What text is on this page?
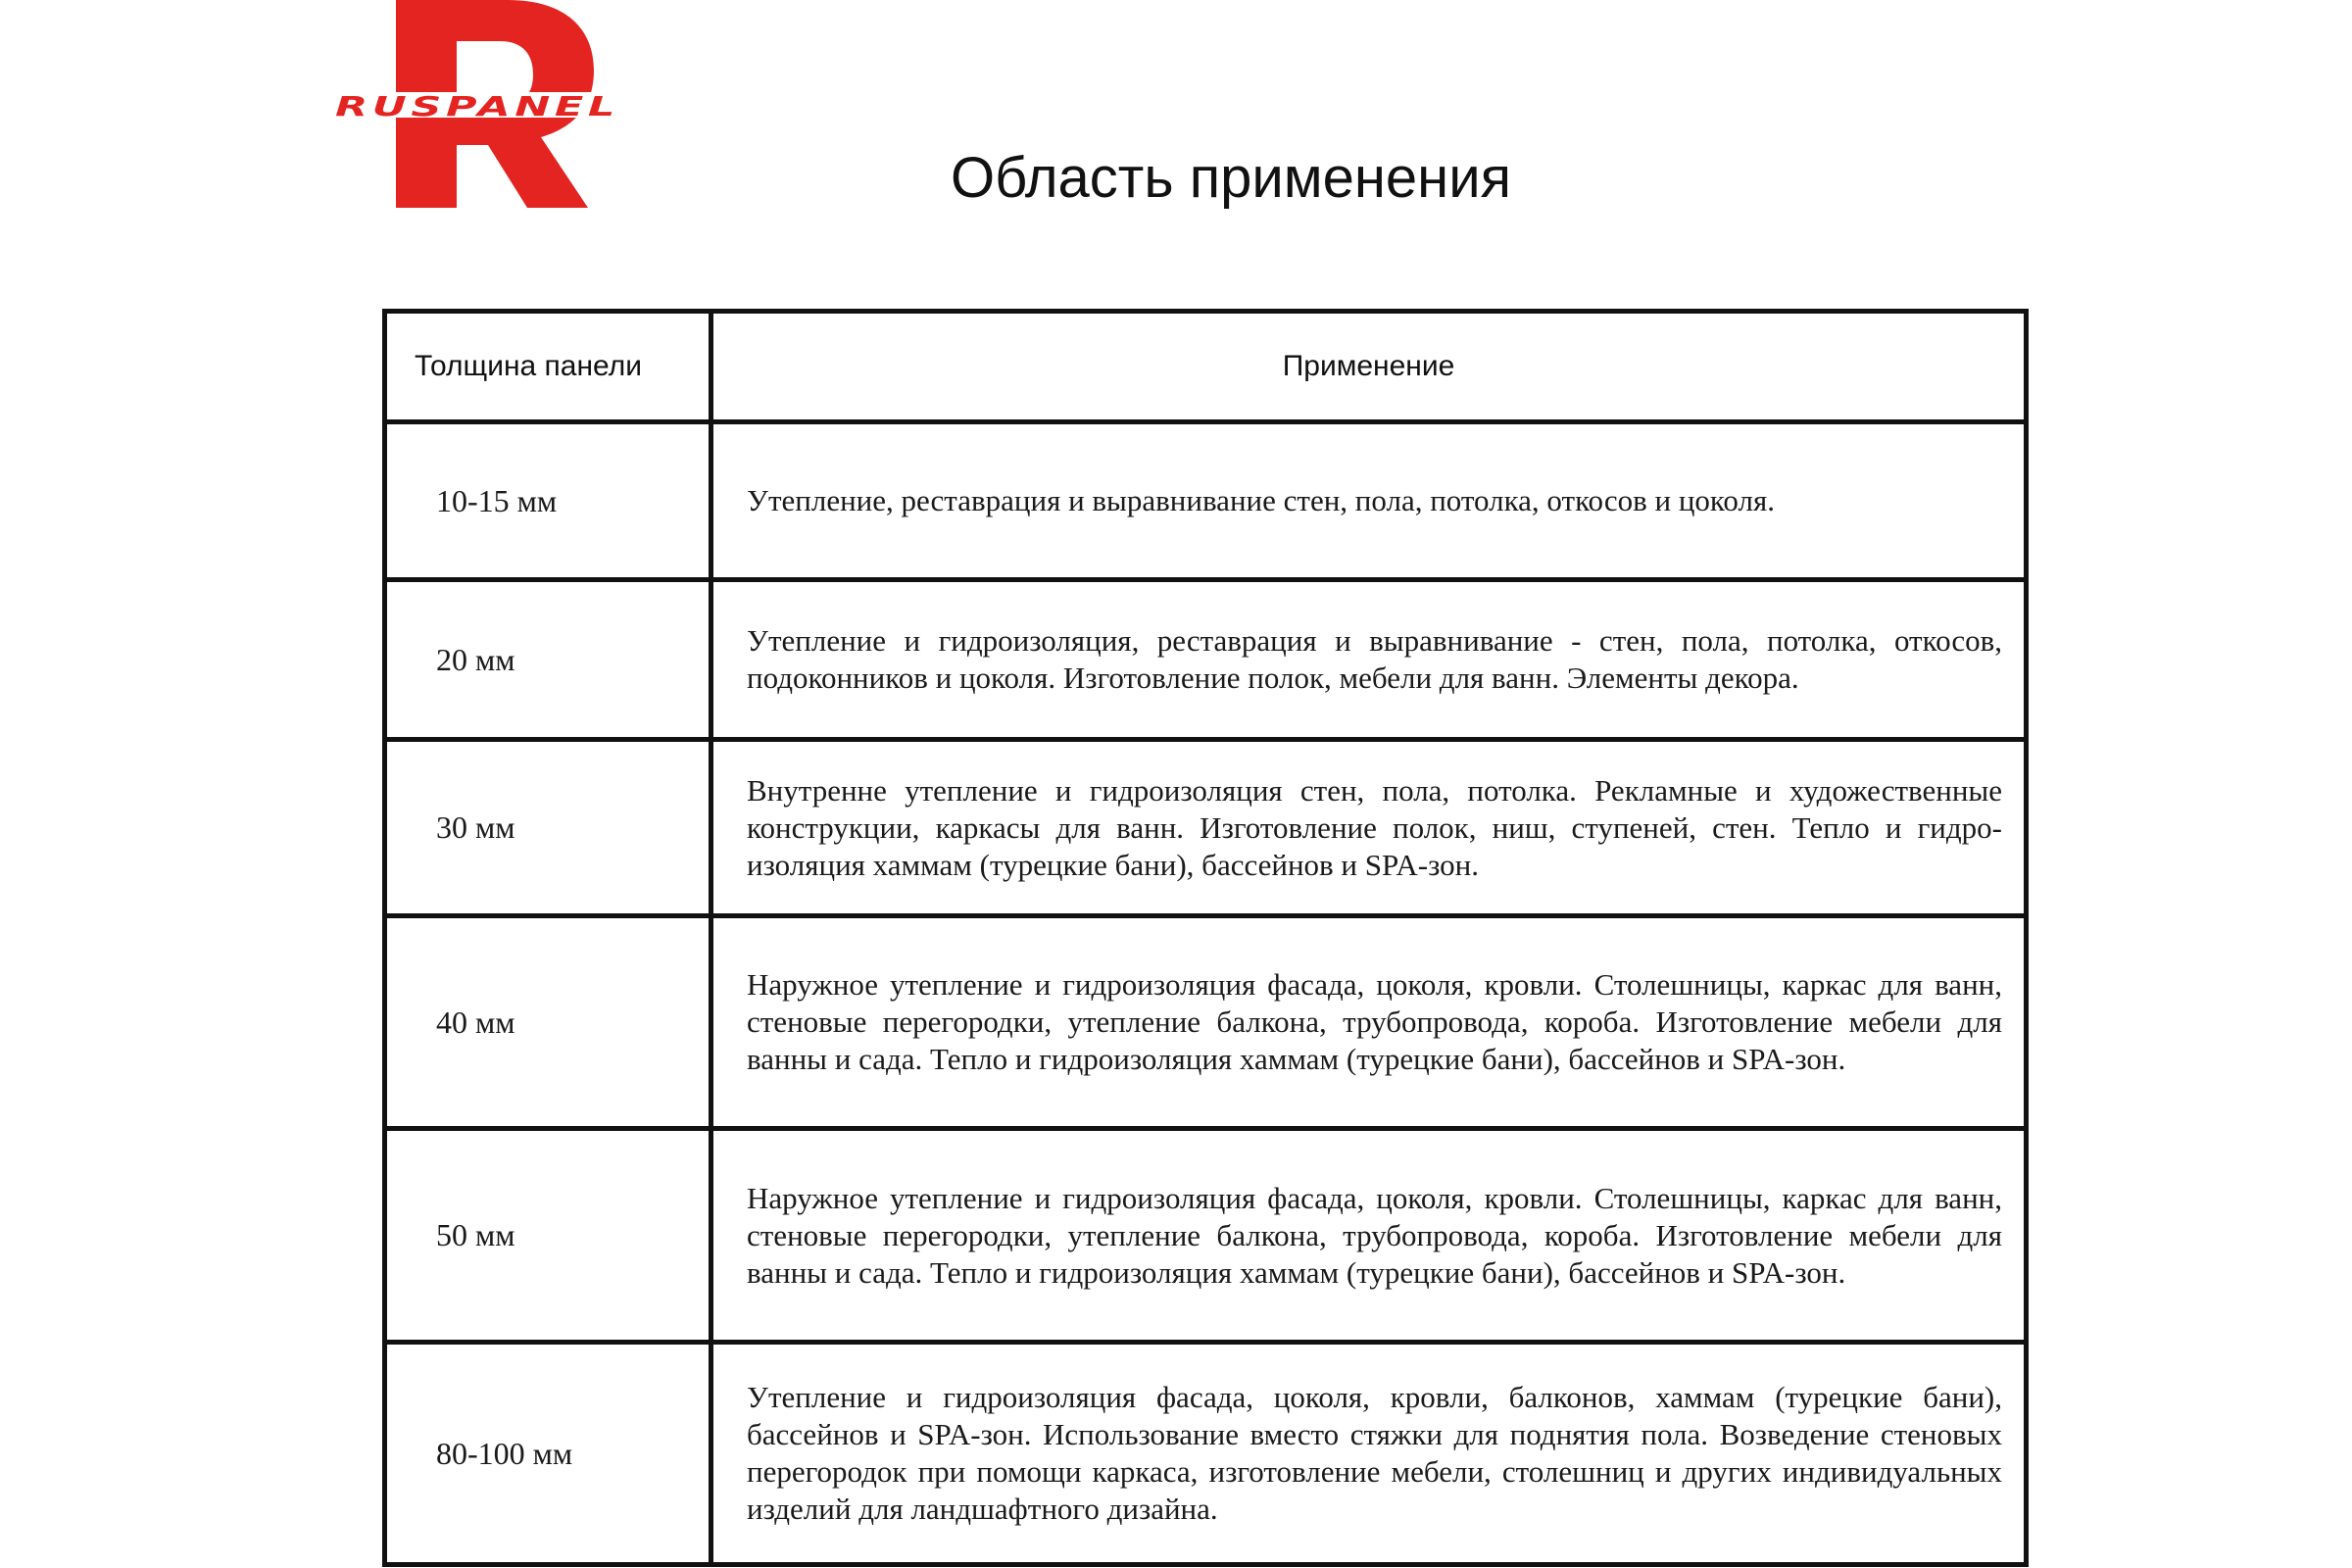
RUSPANEL
Область применения
Толщина панели	Применение
10-15 мм	Утепление, реставрация и выравнивание стен, пола, потолка, откосов и цоколя.
20 мм	Утепление и гидроизоляция, реставрация и выравнивание - стен, пола, потолка, откосов, подоконников и цоколя. Изготовление полок, мебели для ванн. Элементы декора.
30 мм	Внутренне утепление и гидроизоляция стен, пола, потолка. Рекламные и художественные конструкции, каркасы для ванн. Изготовление полок, ниш, ступеней, стен. Тепло и гидро-изоляция хаммам (турецкие бани), бассейнов и SPA-зон.
40 мм	Наружное утепление и гидроизоляция фасада, цоколя, кровли. Столешницы, каркас для ванн, стеновые перегородки, утепление балкона, трубопровода, короба. Изготовление мебели для ванны и сада. Тепло и гидроизоляция хаммам (турецкие бани), бассейнов и SPA-зон.
50 мм	Наружное утепление и гидроизоляция фасада, цоколя, кровли. Столешницы, каркас для ванн, стеновые перегородки, утепление балкона, трубопровода, короба. Изготовление мебели для ванны и сада. Тепло и гидроизоляция хаммам (турецкие бани), бассейнов и SPA-зон.
80-100 мм	Утепление и гидроизоляция фасада, цоколя, кровли, балконов, хаммам (турецкие бани), бассейнов и SPA-зон. Использование вместо стяжки для поднятия пола. Возведение стеновых перегородок при помощи каркаса, изготовление мебели, столешниц и других индивидуальных изделий для ландшафтного дизайна.
